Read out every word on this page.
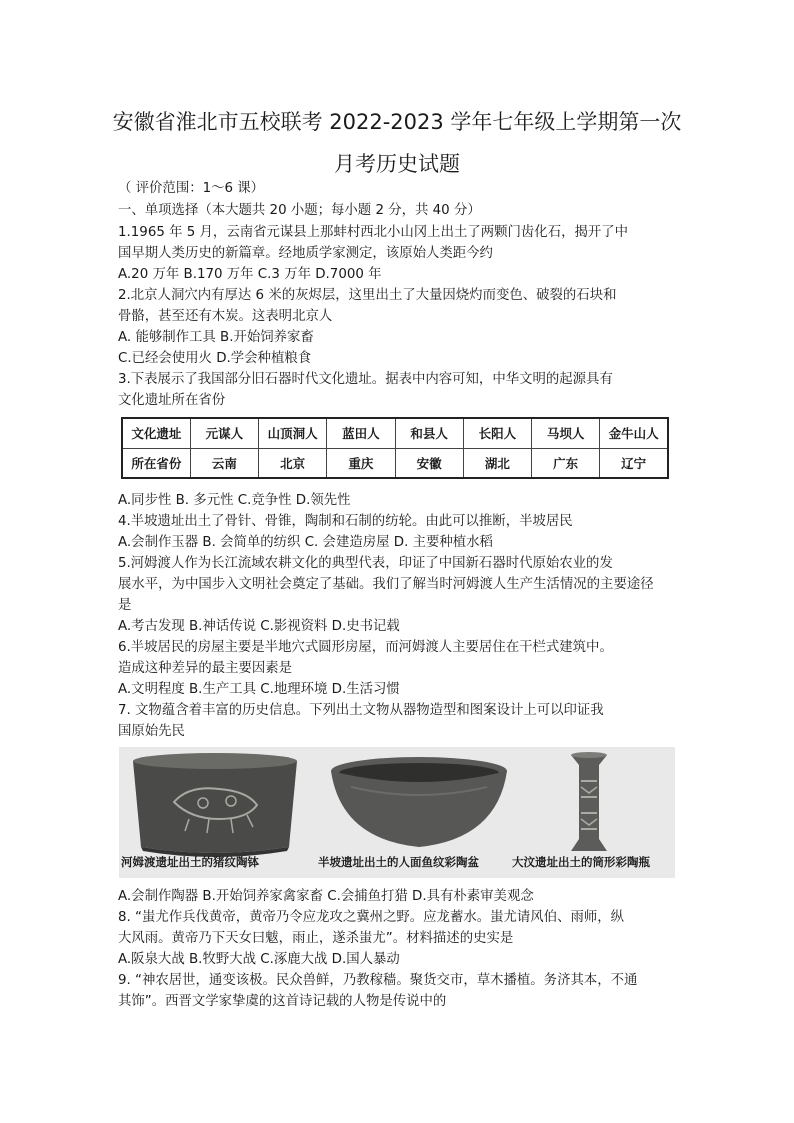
安徽省淮北市五校联考 2022-2023 学年七年级上学期第一次
月考历史试题
（ 评价范围：1～6 课）
一、单项选择（本大题共 20 小题；每小题 2 分，共 40 分）
1.1965 年 5 月，云南省元谋县上那蚌村西北小山冈上出土了两颗门齿化石，揭开了中
国早期人类历史的新篇章。经地质学家测定，该原始人类距今约
A.20 万年 B.170 万年 C.3 万年 D.7000 年
2.北京人洞穴内有厚达 6 米的灰烬层，这里出土了大量因烧灼而变色、破裂的石块和
骨骼，甚至还有木炭。这表明北京人
A. 能够制作工具 B.开始饲养家畜
C.已经会使用火 D.学会种植粮食
3.下表展示了我国部分旧石器时代文化遗址。据表中内容可知，中华文明的起源具有
文化遗址所在省份
文化遗址	元谋人	山顶洞人	蓝田人	和县人	长阳人	马坝人	金牛山人
所在省份	云南	北京	重庆	安徽	湖北	广东	辽宁
A.同步性 B. 多元性 C.竞争性 D.领先性
4.半坡遗址出土了骨针、骨锥，陶制和石制的纺轮。由此可以推断，半坡居民
A.会制作玉器 B. 会简单的纺织 C. 会建造房屋 D. 主要种植水稻
5.河姆渡人作为长江流域农耕文化的典型代表，印证了中国新石器时代原始农业的发
展水平，为中国步入文明社会奠定了基础。我们了解当时河姆渡人生产生活情况的主要途径
是
A.考古发现 B.神话传说 C.影视资料 D.史书记载
6.半坡居民的房屋主要是半地穴式圆形房屋，而河姆渡人主要居住在干栏式建筑中。
造成这种差异的最主要因素是
A.文明程度 B.生产工具 C.地理环境 D.生活习惯
7. 文物蕴含着丰富的历史信息。下列出土文物从器物造型和图案设计上可以印证我
国原始先民
河姆渡遗址出土的猪纹陶钵	半坡遗址出土的人面鱼纹彩陶盆	大汶遗址出土的筒形彩陶瓶
A.会制作陶器 B.开始饲养家禽家畜 C.会捕鱼打猎 D.具有朴素审美观念
8. “蚩尤作兵伐黄帝，黄帝乃令应龙攻之冀州之野。应龙蓄水。蚩尤请风伯、雨师，纵
大风雨。黄帝乃下天女曰魃，雨止，遂杀蚩尤”。材料描述的史实是
A.阪泉大战 B.牧野大战 C.涿鹿大战 D.国人暴动
9. “神农居世，通变该极。民众兽鲜，乃教稼穑。聚货交市，草木播植。务济其本，不通
其饰”。西晋文学家挚虞的这首诗记载的人物是传说中的
